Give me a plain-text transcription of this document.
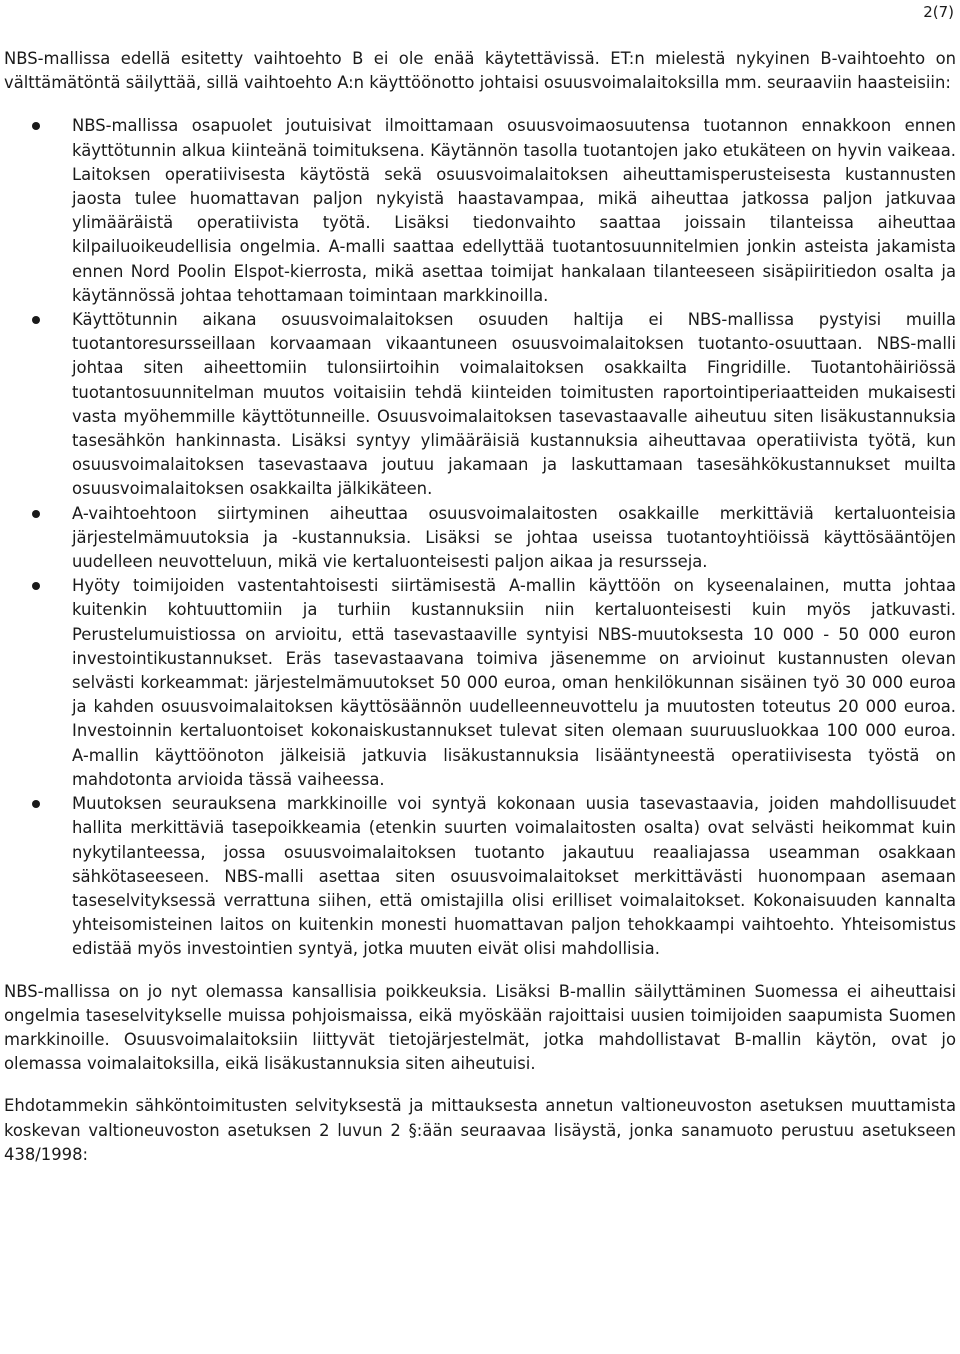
2(7)

NBS-mallissa edellä esitetty vaihtoehto B ei ole enää käytettävissä. ET:n mielestä nykyinen B-vaihtoehto on välttämätöntä säilyttää, sillä vaihtoehto A:n käyttöönotto johtaisi osuusvoimalaitoksilla mm. seuraaviin haasteisiin:

NBS-mallissa osapuolet joutuisivat ilmoittamaan osuusvoimaosuutensa tuotannon ennakkoon ennen käyttötunnin alkua kiinteänä toimituksena. Käytännön tasolla tuotantojen jako etukäteen on hyvin vaikeaa. Laitoksen operatiivisesta käytöstä sekä osuusvoimalaitoksen aiheuttamisperusteisesta kustannusten jaosta tulee huomattavan paljon nykyistä haastavampaa, mikä aiheuttaa jatkossa paljon jatkuvaa ylimääräistä operatiivista työtä. Lisäksi tiedonvaihto saattaa joissain tilanteissa aiheuttaa kilpailuoikeudellisia ongelmia. A-malli saattaa edellyttää tuotantosuunnitelmien jonkin asteista jakamista ennen Nord Poolin Elspot-kierrosta, mikä asettaa toimijat hankalaan tilanteeseen sisäpiiritiedon osalta ja käytännössä johtaa tehottamaan toimintaan markkinoilla.
Käyttötunnin aikana osuusvoimalaitoksen osuuden haltija ei NBS-mallissa pystyisi muilla tuotantoresursseillaan korvaamaan vikaantuneen osuusvoimalaitoksen tuotanto-osuuttaan. NBS-malli johtaa siten aiheettomiin tulonsiirtoihin voimalaitoksen osakkailta Fingridille. Tuotantohäiriössä tuotantosuunnitelman muutos voitaisiin tehdä kiinteiden toimitusten raportointiperiaatteiden mukaisesti vasta myöhemmille käyttötunneille. Osuusvoimalaitoksen tasevastaavalle aiheutuu siten lisäkustannuksia tasesähkön hankinnasta. Lisäksi syntyy ylimääräisiä kustannuksia aiheuttavaa operatiivista työtä, kun osuusvoimalaitoksen tasevastaava joutuu jakamaan ja laskuttamaan tasesähkökustannukset muilta osuusvoimalaitoksen osakkailta jälkikäteen.
A-vaihtoehtoon siirtyminen aiheuttaa osuusvoimalaitosten osakkaille merkittäviä kertaluonteisia järjestelmämuutoksia ja -kustannuksia. Lisäksi se johtaa useissa tuotantoyhtiöissä käyttösääntöjen uudelleen neuvotteluun, mikä vie kertaluonteisesti paljon aikaa ja resursseja.
Hyöty toimijoiden vastentahtoisesti siirtämisestä A-mallin käyttöön on kyseenalainen, mutta johtaa kuitenkin kohtuuttomiin ja turhiin kustannuksiin niin kertaluonteisesti kuin myös jatkuvasti. Perustelumuistiossa on arvioitu, että tasevastaaville syntyisi NBS-muutoksesta 10 000 - 50 000 euron investointikustannukset. Eräs tasevastaavana toimiva jäsenemme on arvioinut kustannusten olevan selvästi korkeammat: järjestelmämuutokset 50 000 euroa, oman henkilökunnan sisäinen työ 30 000 euroa ja kahden osuusvoimalaitoksen käyttösäännön uudelleenneuvottelu ja muutosten toteutus 20 000 euroa. Investoinnin kertaluontoiset kokonaiskustannukset tulevat siten olemaan suuruusluokkaa 100 000 euroa. A-mallin käyttöönoton jälkeisiä jatkuvia lisäkustannuksia lisääntyneestä operatiivisesta työstä on mahdotonta arvioida tässä vaiheessa.
Muutoksen seurauksena markkinoille voi syntyä kokonaan uusia tasevastaavia, joiden mahdollisuudet hallita merkittäviä tasepoikkeamia (etenkin suurten voimalaitosten osalta) ovat selvästi heikommat kuin nykytilanteessa, jossa osuusvoimalaitoksen tuotanto jakautuu reaaliajassa useamman osakkaan sähkötaseeseen. NBS-malli asettaa siten osuusvoimalaitokset merkittävästi huonompaan asemaan taseselvityksessä verrattuna siihen, että omistajilla olisi erilliset voimalaitokset. Kokonaisuuden kannalta yhteisomisteinen laitos on kuitenkin monesti huomattavan paljon tehokkaampi vaihtoehto. Yhteisomistus edistää myös investointien syntyä, jotka muuten eivät olisi mahdollisia.

NBS-mallissa on jo nyt olemassa kansallisia poikkeuksia. Lisäksi B-mallin säilyttäminen Suomessa ei aiheuttaisi ongelmia taseselvitykselle muissa pohjoismaissa, eikä myöskään rajoittaisi uusien toimijoiden saapumista Suomen markkinoille. Osuusvoimalaitoksiin liittyvät tietojärjestelmät, jotka mahdollistavat B-mallin käytön, ovat jo olemassa voimalaitoksilla, eikä lisäkustannuksia siten aiheutuisi.

Ehdotammekin sähköntoimitusten selvityksestä ja mittauksesta annetun valtioneuvoston asetuksen muuttamista koskevan valtioneuvoston asetuksen 2 luvun 2 §:ään seuraavaa lisäystä, jonka sanamuoto perustuu asetukseen 438/1998:
